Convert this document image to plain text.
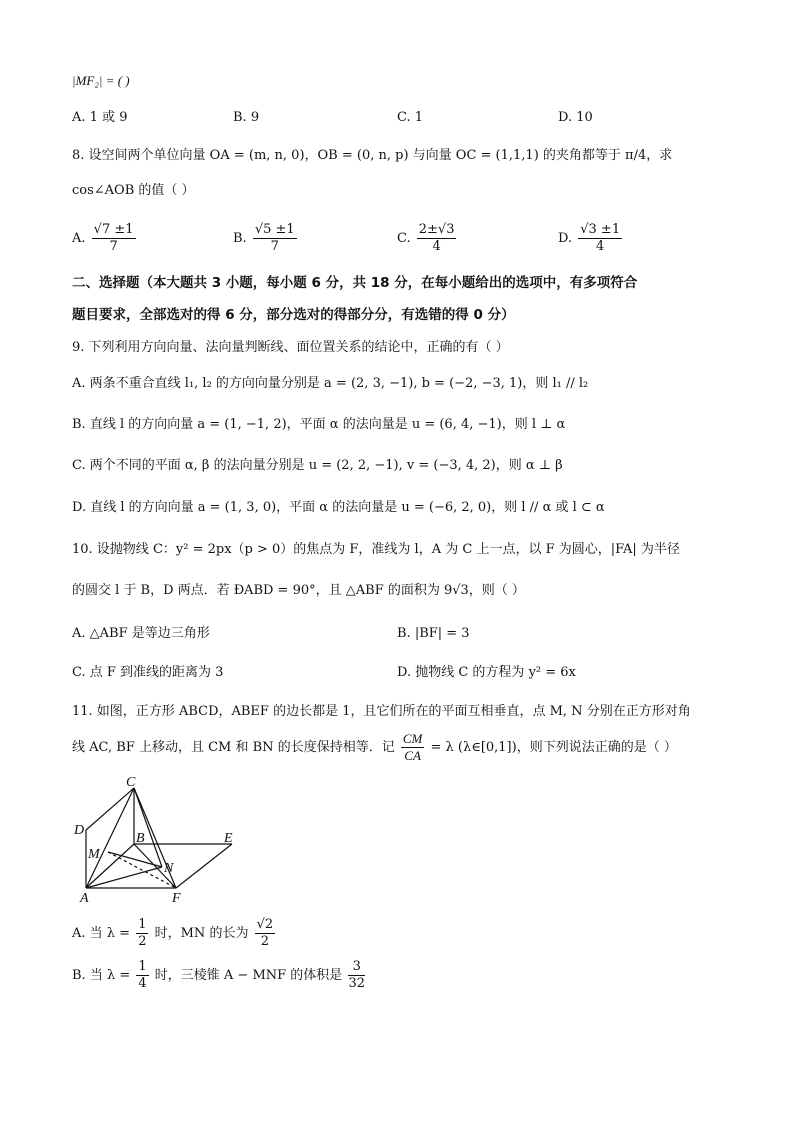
|MF₂| = ( )
A. 1 或 9	B. 9	C. 1	D. 10
8. 设空间两个单位向量 OA = (m, n, 0)，OB = (0, n, p) 与向量 OC = (1,1,1) 的夹角都等于 π/4，求
cos∠AOB 的值（ ）
A. $\frac{√7 \pm 1}{7}$	B. $\frac{√5 \pm 1}{7}$	C. $\frac{2\pm√3}{4}$	D. $\frac{√3 \pm 1}{4}$
二、选择题（本大题共 3 小题，每小题 6 分，共 18 分，在每小题给出的选项中，有多项符合
题目要求，全部选对的得 6 分，部分选对的得部分分，有选错的得 0 分）
9. 下列利用方向向量、法向量判断线、面位置关系的结论中，正确的有（ ）
A. 两条不重合直线 l₁, l₂ 的方向向量分别是 a = (2, 3, −1), b = (−2, −3, 1)，则 l₁ // l₂
B. 直线 l 的方向向量 a = (1, −1, 2)，平面 α 的法向量是 u = (6, 4, −1)，则 l ⊥ α
C. 两个不同的平面 α, β 的法向量分别是 u = (2, 2, −1), v = (−3, 4, 2)，则 α ⊥ β
D. 直线 l 的方向向量 a = (1, 3, 0)，平面 α 的法向量是 u = (−6, 2, 0)，则 l // α 或 l ⊂ α
10. 设抛物线 C：y² = 2px（p > 0）的焦点为 F，准线为 l，A 为 C 上一点，以 F 为圆心，|FA| 为半径
的圆交 l 于 B，D 两点．若 ÐABD = 90°，且 △ABF 的面积为 9√3，则（ ）
A. △ABF 是等边三角形	B. |BF| = 3
C. 点 F 到准线的距离为 3	D. 抛物线 C 的方程为 y² = 6x
11. 如图，正方形 ABCD，ABEF 的边长都是 1，且它们所在的平面互相垂直，点 M, N 分别在正方形对角
线 AC, BF 上移动，且 CM 和 BN 的长度保持相等．记 $\frac{CM}{CA} = \lambda$ (λ∈[0,1])，则下列说法正确的是（ ）
C
D
B	E
M
N
A	F
A. 当 $\lambda = \frac{1}{2}$ 时，MN 的长为 $\frac{√2}{2}$
B. 当 $\lambda = \frac{1}{4}$ 时，三棱锥 A − MNF 的体积是 $\frac{3}{32}$
